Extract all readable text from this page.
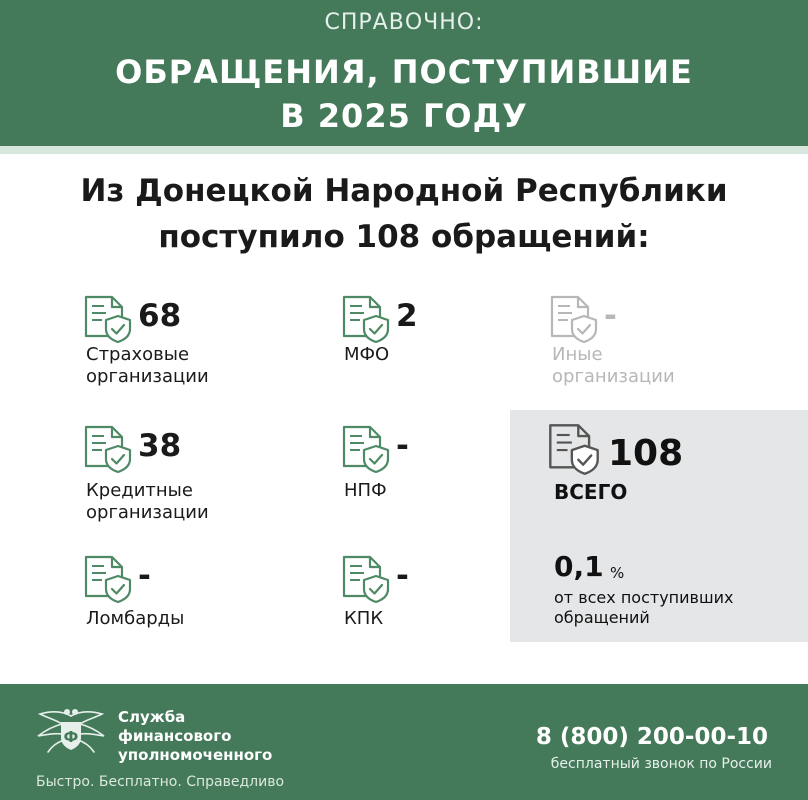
СПРАВОЧНО:
ОБРАЩЕНИЯ, ПОСТУПИВШИЕ
В 2025 ГОДУ
Из Донецкой Народной Республики
поступило 108 обращений:
68
Страховые
организации
2
МФО
-
Иные
организации
38
Кредитные
организации
-
НПФ
-
Ломбарды
-
КПК
108
ВСЕГО
0,1 %
от всех поступивших
обращений
Ф
Служба
финансового
уполномоченного
Быстро. Бесплатно. Справедливо
8 (800) 200-00-10
бесплатный звонок по России
